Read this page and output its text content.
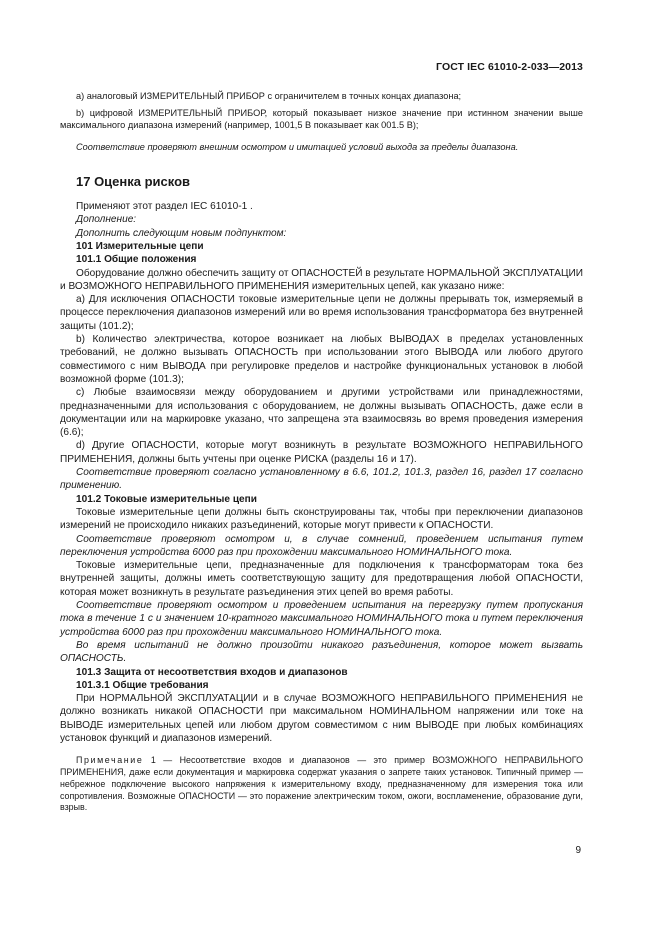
ГОСТ IEC 61010-2-033—2013

а) аналоговый ИЗМЕРИТЕЛЬНЫЙ ПРИБОР с ограничителем в точных концах диапазона;

b) цифровой ИЗМЕРИТЕЛЬНЫЙ ПРИБОР, который показывает низкое значение при истинном значении выше максимального диапазона измерений (например, 1001,5 В показывает как 001.5 В);

Соответствие проверяют внешним осмотром и имитацией условий выхода за пределы диапазона.

17 Оценка рисков

Применяют этот раздел IEC 61010-1 .

Дополнение:

Дополнить следующим новым подпунктом:

101 Измерительные цепи

101.1 Общие положения

Оборудование должно обеспечить защиту от ОПАСНОСТЕЙ в результате НОРМАЛЬНОЙ ЭКСПЛУАТАЦИИ и ВОЗМОЖНОГО НЕПРАВИЛЬНОГО ПРИМЕНЕНИЯ измерительных цепей, как указано ниже:

а) Для исключения ОПАСНОСТИ токовые измерительные цепи не должны прерывать ток, измеряемый в процессе переключения диапазонов измерений или во время использования трансформатора без внутренней защиты (101.2);

b) Количество электричества, которое возникает на любых ВЫВОДАХ в пределах установленных требований, не должно вызывать ОПАСНОСТЬ при использовании этого ВЫВОДА или любого другого совместимого с ним ВЫВОДА при регулировке пределов и настройке функциональных установок в любой возможной форме (101.3);

с) Любые взаимосвязи между оборудованием и другими устройствами или принадлежностями, предназначенными для использования с оборудованием, не должны вызывать ОПАСНОСТЬ, даже если в документации или на маркировке указано, что запрещена эта взаимосвязь во время проведения измерения (6.6);

d) Другие ОПАСНОСТИ, которые могут возникнуть в результате ВОЗМОЖНОГО НЕПРАВИЛЬНОГО ПРИМЕНЕНИЯ, должны быть учтены при оценке РИСКА (разделы 16 и 17).

Соответствие проверяют согласно установленному в 6.6, 101.2, 101.3, раздел 16, раздел 17 согласно применению.

101.2 Токовые измерительные цепи

Токовые измерительные цепи должны быть сконструированы так, чтобы при переключении диапазонов измерений не происходило никаких разъединений, которые могут привести к ОПАСНОСТИ.

Соответствие проверяют осмотром и, в случае сомнений, проведением испытания путем переключения устройства 6000 раз при прохождении максимального НОМИНАЛЬНОГО тока.

Токовые измерительные цепи, предназначенные для подключения к трансформаторам тока без внутренней защиты, должны иметь соответствующую защиту для предотвращения любой ОПАСНОСТИ, которая может возникнуть в результате разъединения этих цепей во время работы.

Соответствие проверяют осмотром и проведением испытания на перегрузку путем пропускания тока в течение 1 с и значением 10-кратного максимального НОМИНАЛЬНОГО тока и путем переключения устройства 6000 раз при прохождении максимального НОМИНАЛЬНОГО тока.

Во время испытаний не должно произойти никакого разъединения, которое может вызвать ОПАСНОСТЬ.

101.3 Защита от несоответствия входов и диапазонов

101.3.1 Общие требования

При НОРМАЛЬНОЙ ЭКСПЛУАТАЦИИ и в случае ВОЗМОЖНОГО НЕПРАВИЛЬНОГО ПРИМЕНЕНИЯ не должно возникать никакой ОПАСНОСТИ при максимальном НОМИНАЛЬНОМ напряжении или токе на ВЫВОДЕ измерительных цепей или любом другом совместимом с ним ВЫВОДЕ при любых комбинациях установок функций и диапазонов измерений.

Примечание 1 — Несоответствие входов и диапазонов — это пример ВОЗМОЖНОГО НЕПРАВИЛЬНОГО ПРИМЕНЕНИЯ, даже если документация и маркировка содержат указания о запрете таких установок. Типичный пример — небрежное подключение высокого напряжения к измерительному входу, предназначенному для измерения тока или сопротивления. Возможные ОПАСНОСТИ — это поражение электрическим током, ожоги, воспламенение, образование дуги, взрыв.

9
